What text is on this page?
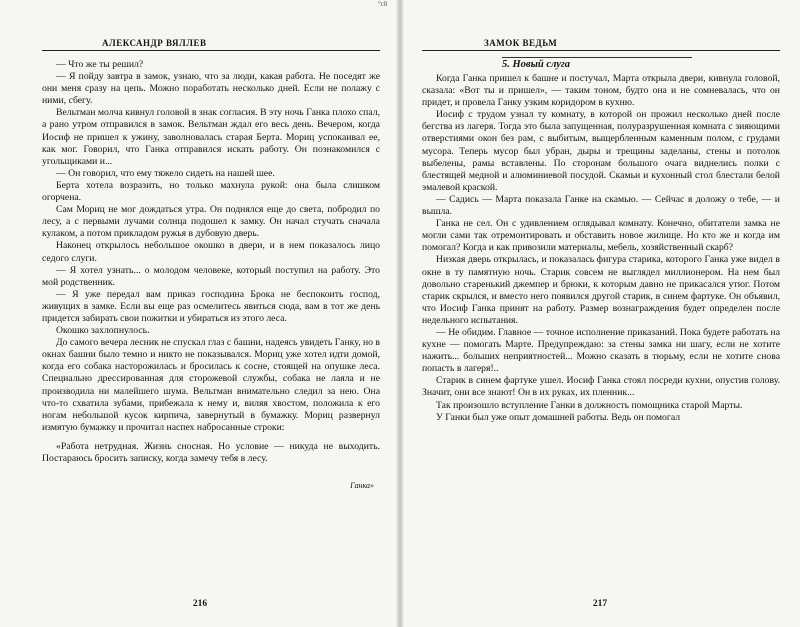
°c8
АЛЕКСАНДР ВЯЛЛЕВ

— Что же ты решил?

— Я пойду завтра в замок, узнаю, что за люди, какая работа. Не поседят же они меня сразу на цепь. Можно поработать несколько дней. Если не полажу с ними, сбегу.

Вельтман молча кивнул головой в знак согласия. В эту ночь Ганка плохо спал, а рано утром отправился в замок. Вельтман ждал его весь день. Вечером, когда Иосиф не пришел к ужину, заволновалась старая Берта. Мориц успокаивал ее, как мог. Говорил, что Ганка отправился искать работу. Он познакомился с угольщиками и...

— Он говорил, что ему тяжело сидеть на нашей шее.

Берта хотела возразить, но только махнула рукой: она была слишком огорчена.

Сам Мориц не мог дождаться утра. Он поднялся еще до света, побродил по лесу, а с первыми лучами солнца подошел к замку. Он начал стучать сначала кулаком, а потом прикладом ружья в дубовую дверь.

Наконец открылось небольшое окошко в двери, и в нем показалось лицо седого слуги.

— Я хотел узнать... о молодом человеке, который поступил на работу. Это мой родственник.

— Я уже передал вам приказ господина Брока не беспокоить господ, живущих в замке. Если вы еще раз осмелитесь явиться сюда, вам в тот же день придется забирать свои пожитки и убираться из этого леса.

Окошко захлопнулось.

До самого вечера лесник не спускал глаз с башни, надеясь увидеть Ганку, но в окнах башни было темно и никто не показывался. Мориц уже хотел идти домой, когда его собака насторожилась и бросилась к сосне, стоящей на опушке леса. Специально дрессированная для сторожевой службы, собака не лаяла и не производила ни малейшего шума. Вельтман внимательно следил за нею. Она что-то схватила зубами, прибежала к нему и, виляя хвостом, положила к его ногам небольшой кусок кирпича, завернутый в бумажку. Мориц развернул измятую бумажку и прочитал наспех набросанные строки:

«Работа нетрудная. Жизнь сносная. Но условие — никуда не выходить. Постараюсь бросить записку, когда замечу тебя в лесу.

Ганка»
216
ЗАМОК ВЕДЬМ
5. Новый слуга

Когда Ганка пришел к башне и постучал, Марта открыла двери, кивнула головой, сказала: «Вот ты и пришел», — таким тоном, будто она и не сомневалась, что он придет, и провела Ганку узким коридором в кухню.

Иосиф с трудом узнал ту комнату, в которой он прожил несколько дней после бегства из лагеря. Тогда это была запущенная, полуразрушенная комната с зияющими отверстиями окон без рам, с выбитым, выщербленным каменным полом, с грудами мусора. Теперь мусор был убран, дыры и трещины заделаны, стены и потолок выбелены, рамы вставлены. По сторонам большого очага виднелись полки с блестящей медной и алюминиевой посудой. Скамьи и кухонный стол блестали белой эмалевой краской.

— Садись — Марта показала Ганке на скамью. — Сейчас я доложу о тебе, — и вышла.

Ганка не сел. Он с удивлением оглядывал комнату. Конечно, обитатели замка не могли сами так отремонтировать и обставить новое жилище. Но кто же и когда им помогал? Когда и как привозили материалы, мебель, хозяйственный скарб?

Низкая дверь открылась, и показалась фигура старика, которого Ганка уже видел в окне в ту памятную ночь. Старик совсем не выглядел миллионером. На нем был довольно старенький джемпер и брюки, к которым давно не прикасался утюг. Потом старик скрылся, и вместо него появился другой старик, в синем фартуке. Он объявил, что Иосиф Ганка принят на работу. Размер вознаграждения будет определен после недельного испытания.

— Не обидим. Главное — точное исполнение приказаний. Пока будете работать на кухне — помогать Марте. Предупреждаю: за стены замка ни шагу, если не хотите нажить... больших неприятностей... Можно сказать в тюрьму, если не хотите снова попасть в лагеря!..

Старик в синем фартуке ушел. Иосиф Ганка стоял посреди кухни, опустив голову. Значит, они все знают! Он в их руках, их пленник...

Так произошло вступление Ганки в должность помощника старой Марты.

У Ганки был уже опыт домашней работы. Ведь он помогал

217
